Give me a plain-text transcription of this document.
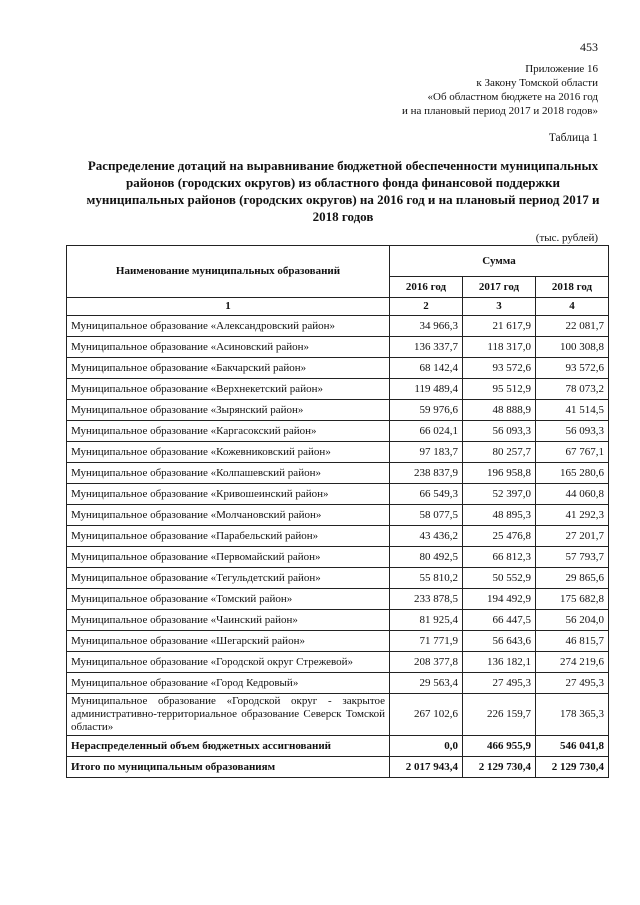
453
Приложение 16
к Закону Томской области
«Об областном бюджете на 2016 год
и на плановый период 2017 и 2018 годов»
Таблица 1
Распределение дотаций на выравнивание бюджетной обеспеченности муниципальных районов (городских округов) из областного фонда финансовой поддержки муниципальных районов (городских округов) на 2016 год и на плановый период 2017 и 2018 годов
(тыс. рублей)
Наименование муниципальных образований	Сумма		
	2016 год	2017 год	2018 год
1	2	3	4
Муниципальное образование «Александровский район»	34 966,3	21 617,9	22 081,7
Муниципальное образование «Асиновский район»	136 337,7	118 317,0	100 308,8
Муниципальное образование «Бакчарский район»	68 142,4	93 572,6	93 572,6
Муниципальное образование «Верхнекетский район»	119 489,4	95 512,9	78 073,2
Муниципальное образование «Зырянский район»	59 976,6	48 888,9	41 514,5
Муниципальное образование «Каргасокский район»	66 024,1	56 093,3	56 093,3
Муниципальное образование «Кожевниковский район»	97 183,7	80 257,7	67 767,1
Муниципальное образование «Колпашевский район»	238 837,9	196 958,8	165 280,6
Муниципальное образование «Кривошеинский район»	66 549,3	52 397,0	44 060,8
Муниципальное образование «Молчановский район»	58 077,5	48 895,3	41 292,3
Муниципальное образование «Парабельский район»	43 436,2	25 476,8	27 201,7
Муниципальное образование «Первомайский район»	80 492,5	66 812,3	57 793,7
Муниципальное образование «Тегульдетский район»	55 810,2	50 552,9	29 865,6
Муниципальное образование «Томский район»	233 878,5	194 492,9	175 682,8
Муниципальное образование «Чаинский район»	81 925,4	66 447,5	56 204,0
Муниципальное образование «Шегарский район»	71 771,9	56 643,6	46 815,7
Муниципальное образование «Городской округ Стрежевой»	208 377,8	136 182,1	274 219,6
Муниципальное образование «Город Кедровый»	29 563,4	27 495,3	27 495,3
Муниципальное образование «Городской округ - закрытое административно-территориальное образование Северск Томской области»	267 102,6	226 159,7	178 365,3
Нераспределенный объем бюджетных ассигнований	0,0	466 955,9	546 041,8
Итого по муниципальным образованиям	2 017 943,4	2 129 730,4	2 129 730,4
